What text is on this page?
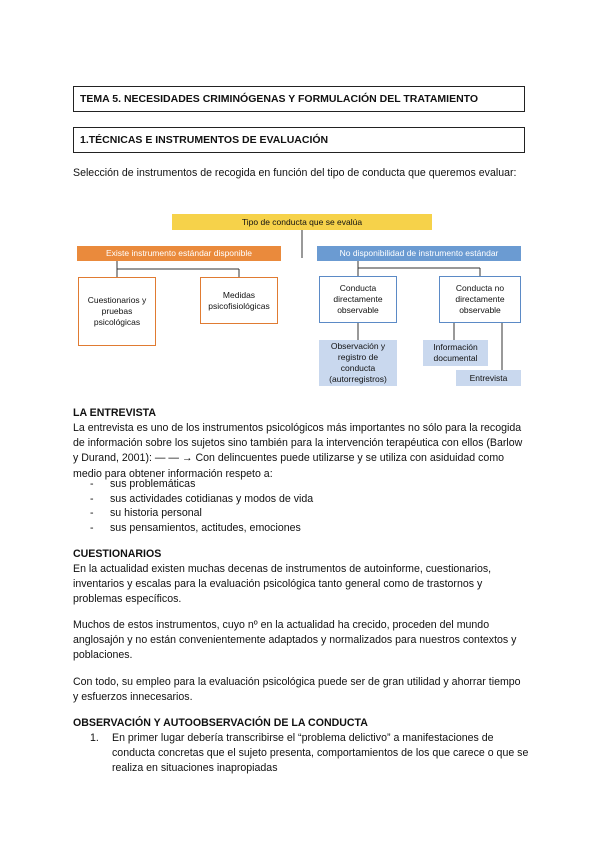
TEMA 5. NECESIDADES CRIMINÓGENAS Y FORMULACIÓN DEL TRATAMIENTO
1.TÉCNICAS E INSTRUMENTOS DE EVALUACIÓN

Selección de instrumentos de recogida en función del tipo de conducta que queremos evaluar:

Tipo de conducta que se evalúa
Existe instrumento estándar disponible	No disponibilidad de instrumento estándar
Cuestionarios y pruebas psicológicas
Medidas psicofisiológicas
Conducta directamente observable
Conducta no directamente observable
Observación y registro de conducta (autorregistros)
Información documental
Entrevista
LA ENTREVISTA

La entrevista es uno de los instrumentos psicológicos más importantes no sólo para la recogida de información sobre los sujetos sino también para la intervención terapéutica con ellos (Barlow y Durand, 2001): — — → Con delincuentes puede utilizarse y se utiliza con asiduidad como medio para obtener información respeto a:

- sus problemáticas
- sus actividades cotidianas y modos de vida
- su historia personal
- sus pensamientos, actitudes, emociones
CUESTIONARIOS

En la actualidad existen muchas decenas de instrumentos de autoinforme, cuestionarios, inventarios y escalas para la evaluación psicológica tanto general como de trastornos y problemas específicos.

Muchos de estos instrumentos, cuyo nº en la actualidad ha crecido, proceden del mundo anglosajón y no están convenientemente adaptados y normalizados para nuestros contextos y poblaciones.

Con todo, su empleo para la evaluación psicológica puede ser de gran utilidad y ahorrar tiempo y esfuerzos innecesarios.

OBSERVACIÓN Y AUTOOBSERVACIÓN DE LA CONDUCTA
1. En primer lugar debería transcribirse el “problema delictivo” a manifestaciones de conducta concretas que el sujeto presenta, comportamientos de los que carece o que se realiza en situaciones inapropiadas
